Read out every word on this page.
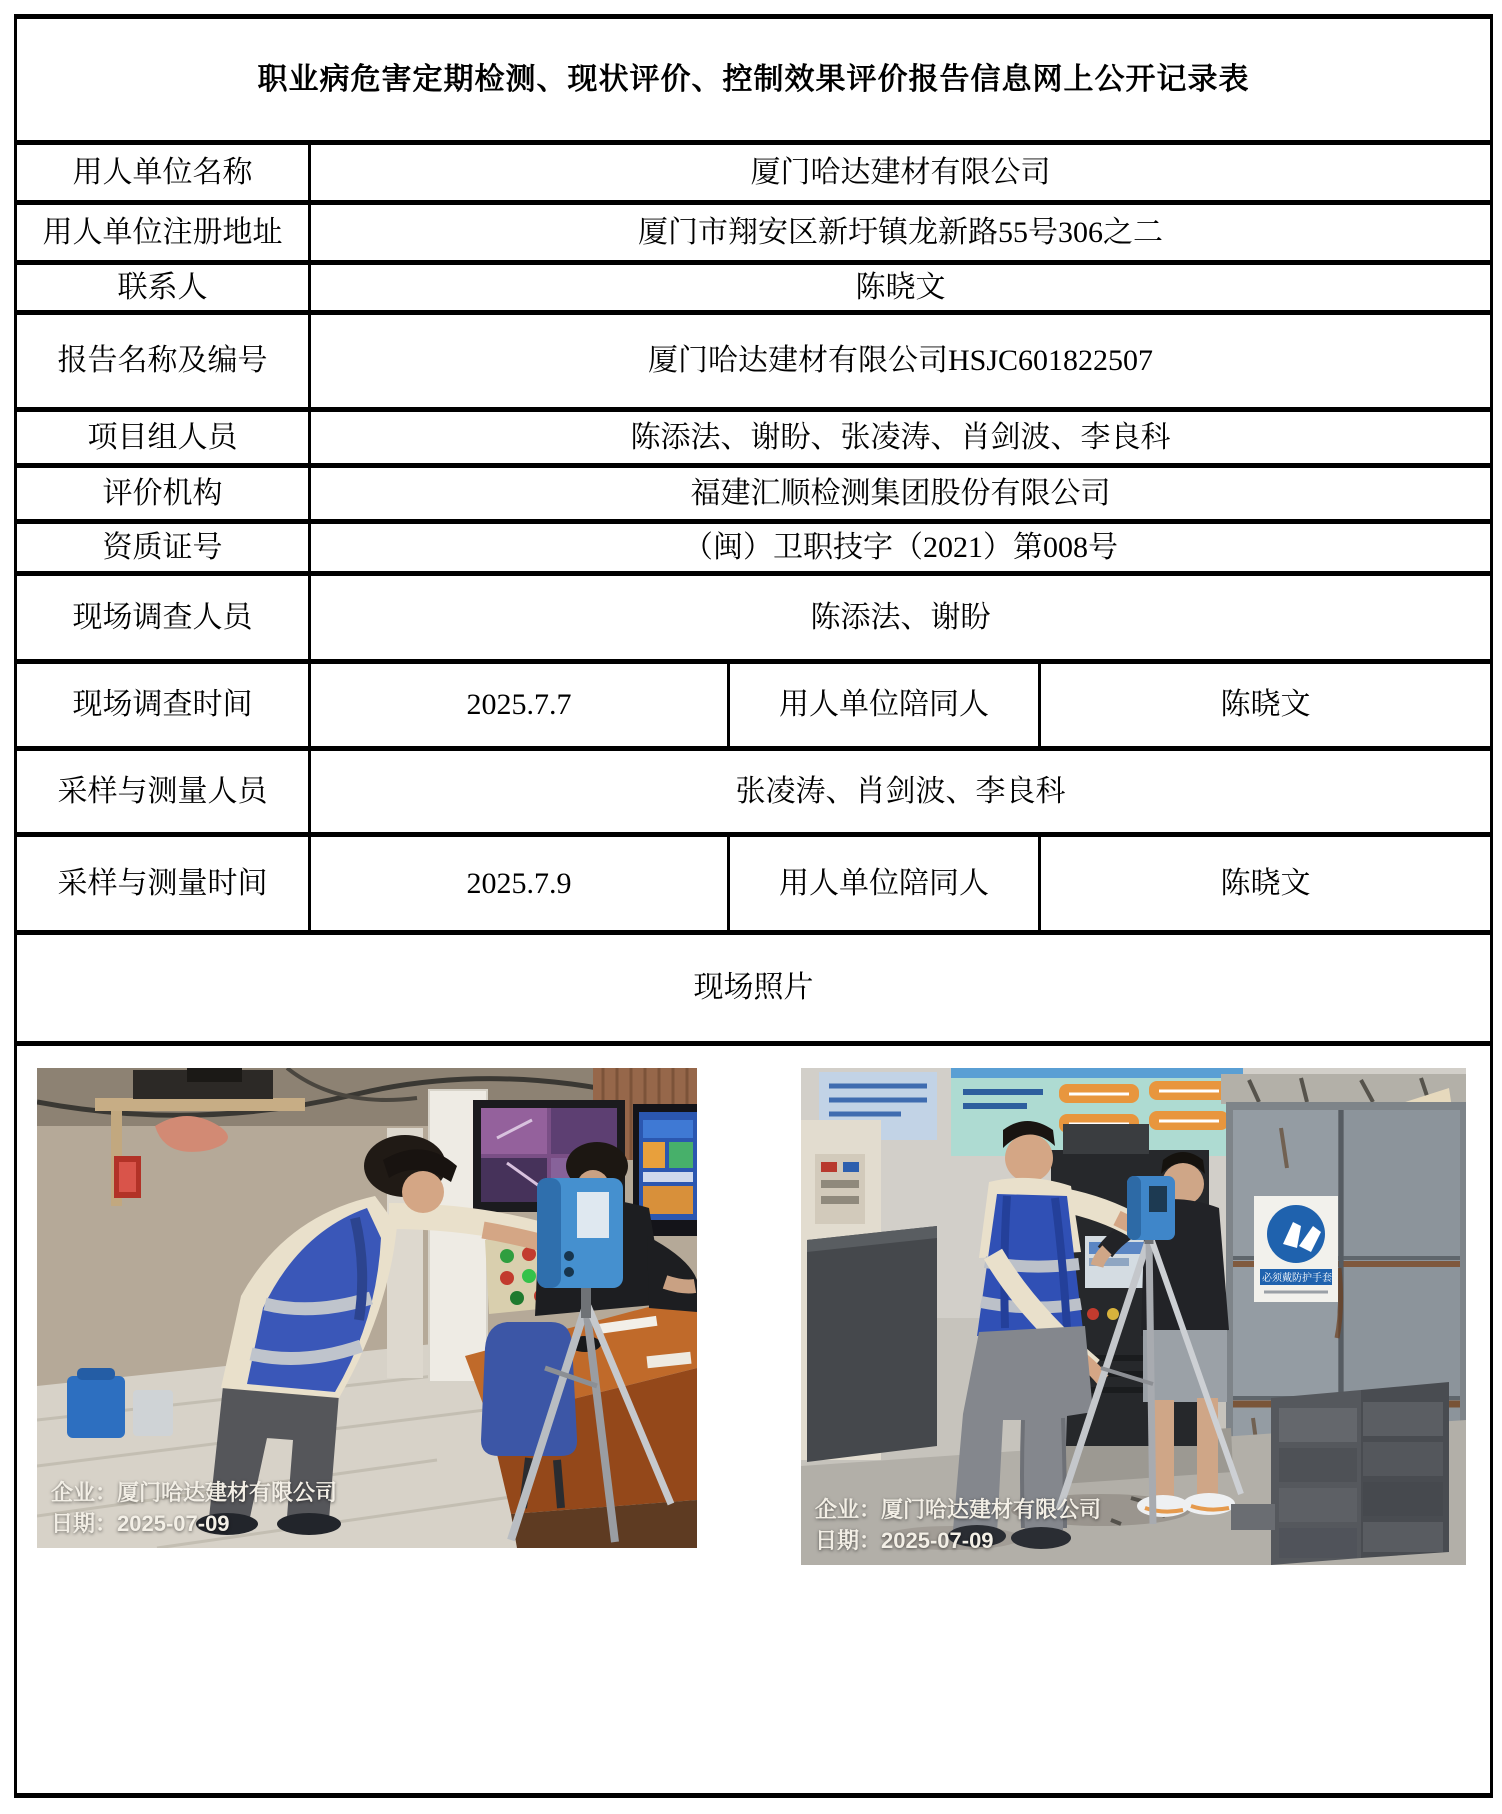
职业病危害定期检测、现状评价、控制效果评价报告信息网上公开记录表			
用人单位名称	厦门哈达建材有限公司		
用人单位注册地址	厦门市翔安区新圩镇龙新路55号306之二		
联系人	陈晓文		
报告名称及编号	厦门哈达建材有限公司HSJC601822507		
项目组人员	陈添法、谢盼、张凌涛、肖剑波、李良科		
评价机构	福建汇顺检测集团股份有限公司		
资质证号	（闽）卫职技字（2021）第008号		
现场调查人员	陈添法、谢盼		
现场调查时间	2025.7.7	用人单位陪同人	陈晓文
采样与测量人员	张凌涛、肖剑波、李良科		
采样与测量时间	2025.7.9	用人单位陪同人	陈晓文
现场照片			

企业：厦门哈达建材有限公司
日期：2025-07-09
必须戴防护手套
企业：厦门哈达建材有限公司
日期：2025-07-09			
